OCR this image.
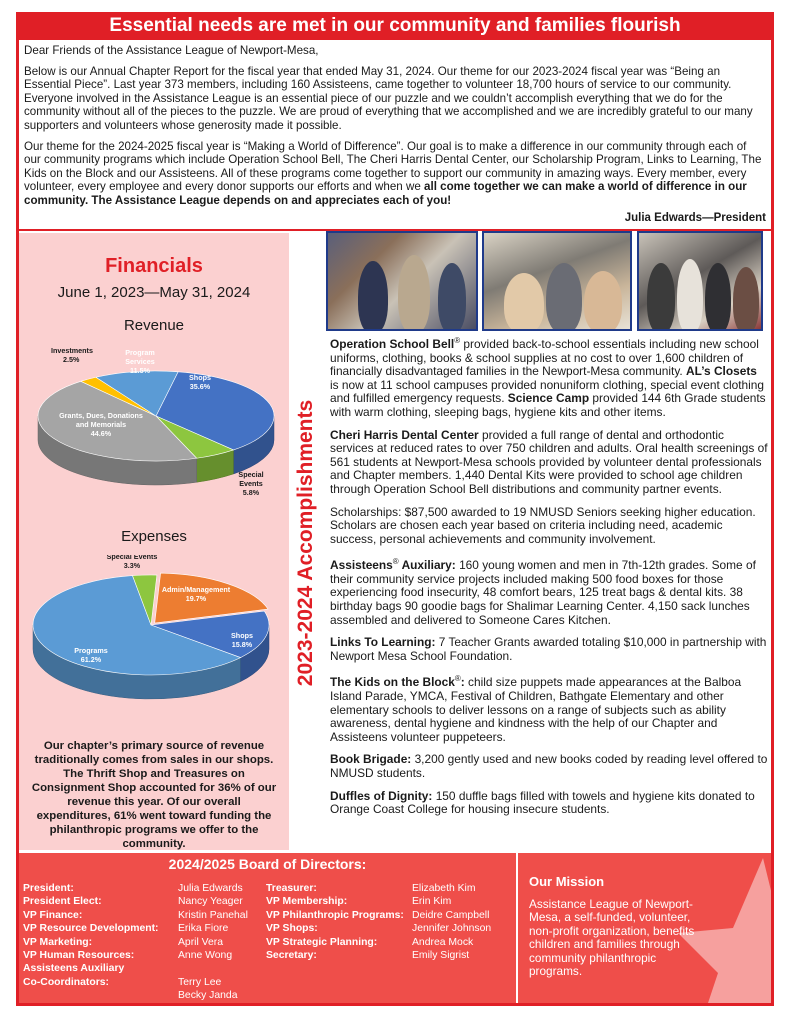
Essential needs are met in our community and families flourish

Dear Friends of the Assistance League of Newport-Mesa,

Below is our Annual Chapter Report for the fiscal year that ended May 31, 2024. Our theme for our 2023-2024 fiscal year was “Being an Essential Piece”. Last year 373 members, including 160 Assisteens, came together to volunteer 18,700 hours of service to our community. Everyone involved in the Assistance League is an essential piece of our puzzle and we couldn’t accomplish everything that we do for the community without all of the pieces to the puzzle. We are proud of everything that we accomplished and we are incredibly grateful to our many supporters and volunteers whose generosity made it possible.

Our theme for the 2024-2025 fiscal year is “Making a World of Difference”. Our goal is to make a difference in our community through each of our community programs which include Operation School Bell, The Cheri Harris Dental Center, our Scholarship Program, Links to Learning, The Kids on the Block and our Assisteens. All of these programs come together to support our community in amazing ways. Every member, every volunteer, every employee and every donor supports our efforts and when we all come together we can make a world of difference in our community. The Assistance League depends on and appreciates each of you!

Julia Edwards—President
Financials
June 1, 2023—May 31, 2024
Revenue
Shops 35.6%
Special Events 5.8%
Grants, Dues, Donations and Memorials 44.6%
Investments 2.5%
Program Services 11.5%
Expenses
Admin/Management 19.7%
Shops 15.8%
Programs 61.2%
Special Events 3.3%
Our chapter’s primary source of revenue traditionally comes from sales in our shops. The Thrift Shop and Treasures on Consignment Shop accounted for 36% of our revenue this year. Of our overall expenditures, 61% went toward funding the philanthropic programs we offer to the community.
2023-2024 Accomplishments

Operation School Bell® provided back-to-school essentials including new school uniforms, clothing, books & school supplies at no cost to over 1,600 children of financially disadvantaged families in the Newport-Mesa community. AL’s Closets is now at 11 school campuses provided nonuniform clothing, special event clothing and fulfilled emergency requests. Science Camp provided 144 6th Grade students with warm clothing, sleeping bags, hygiene kits and other items.

Cheri Harris Dental Center provided a full range of dental and orthodontic services at reduced rates to over 750 children and adults. Oral health screenings of 561 students at Newport-Mesa schools provided by volunteer dental professionals and Chapter members. 1,440 Dental Kits were provided to school age children through Operation School Bell distributions and community partner events.

Scholarships: $87,500 awarded to 19 NMUSD Seniors seeking higher education. Scholars are chosen each year based on criteria including need, academic success, personal achievements and community involvement.

Assisteens® Auxiliary: 160 young women and men in 7th-12th grades. Some of their community service projects included making 500 food boxes for those experiencing food insecurity, 48 comfort bears, 125 treat bags & dental kits. 38 birthday bags 90 goodie bags for Shalimar Learning Center. 4,150 sack lunches assembled and delivered to Someone Cares Kitchen.

Links To Learning: 7 Teacher Grants awarded totaling $10,000 in partnership with Newport Mesa School Foundation.

The Kids on the Block®: child size puppets made appearances at the Balboa Island Parade, YMCA, Festival of Children, Bathgate Elementary and other elementary schools to deliver lessons on a range of subjects such as ability awareness, dental hygiene and kindness with the help of our Chapter and Assisteens volunteer puppeteers.

Book Brigade: 3,200 gently used and new books coded by reading level offered to NMUSD students.

Duffles of Dignity: 150 duffle bags filled with towels and hygiene kits donated to Orange Coast College for housing insecure students.

2024/2025 Board of Directors:
President:
President Elect:
VP Finance:
VP Resource Development:
VP Marketing:
VP Human Resources:
Assisteens Auxiliary
Co-Coordinators:
Julia Edwards
Nancy Yeager
Kristin Panehal
Erika Fiore
April Vera
Anne Wong
Terry Lee
Becky Janda
Treasurer:
VP Membership:
VP Philanthropic Programs:
VP Shops:
VP Strategic Planning:
Secretary:
Elizabeth Kim
Erin Kim
Deidre Campbell
Jennifer Johnson
Andrea Mock
Emily Sigrist
Our Mission
Assistance League of Newport-Mesa, a self-funded, volunteer, non-profit organization, benefits children and families through community philanthropic programs.
